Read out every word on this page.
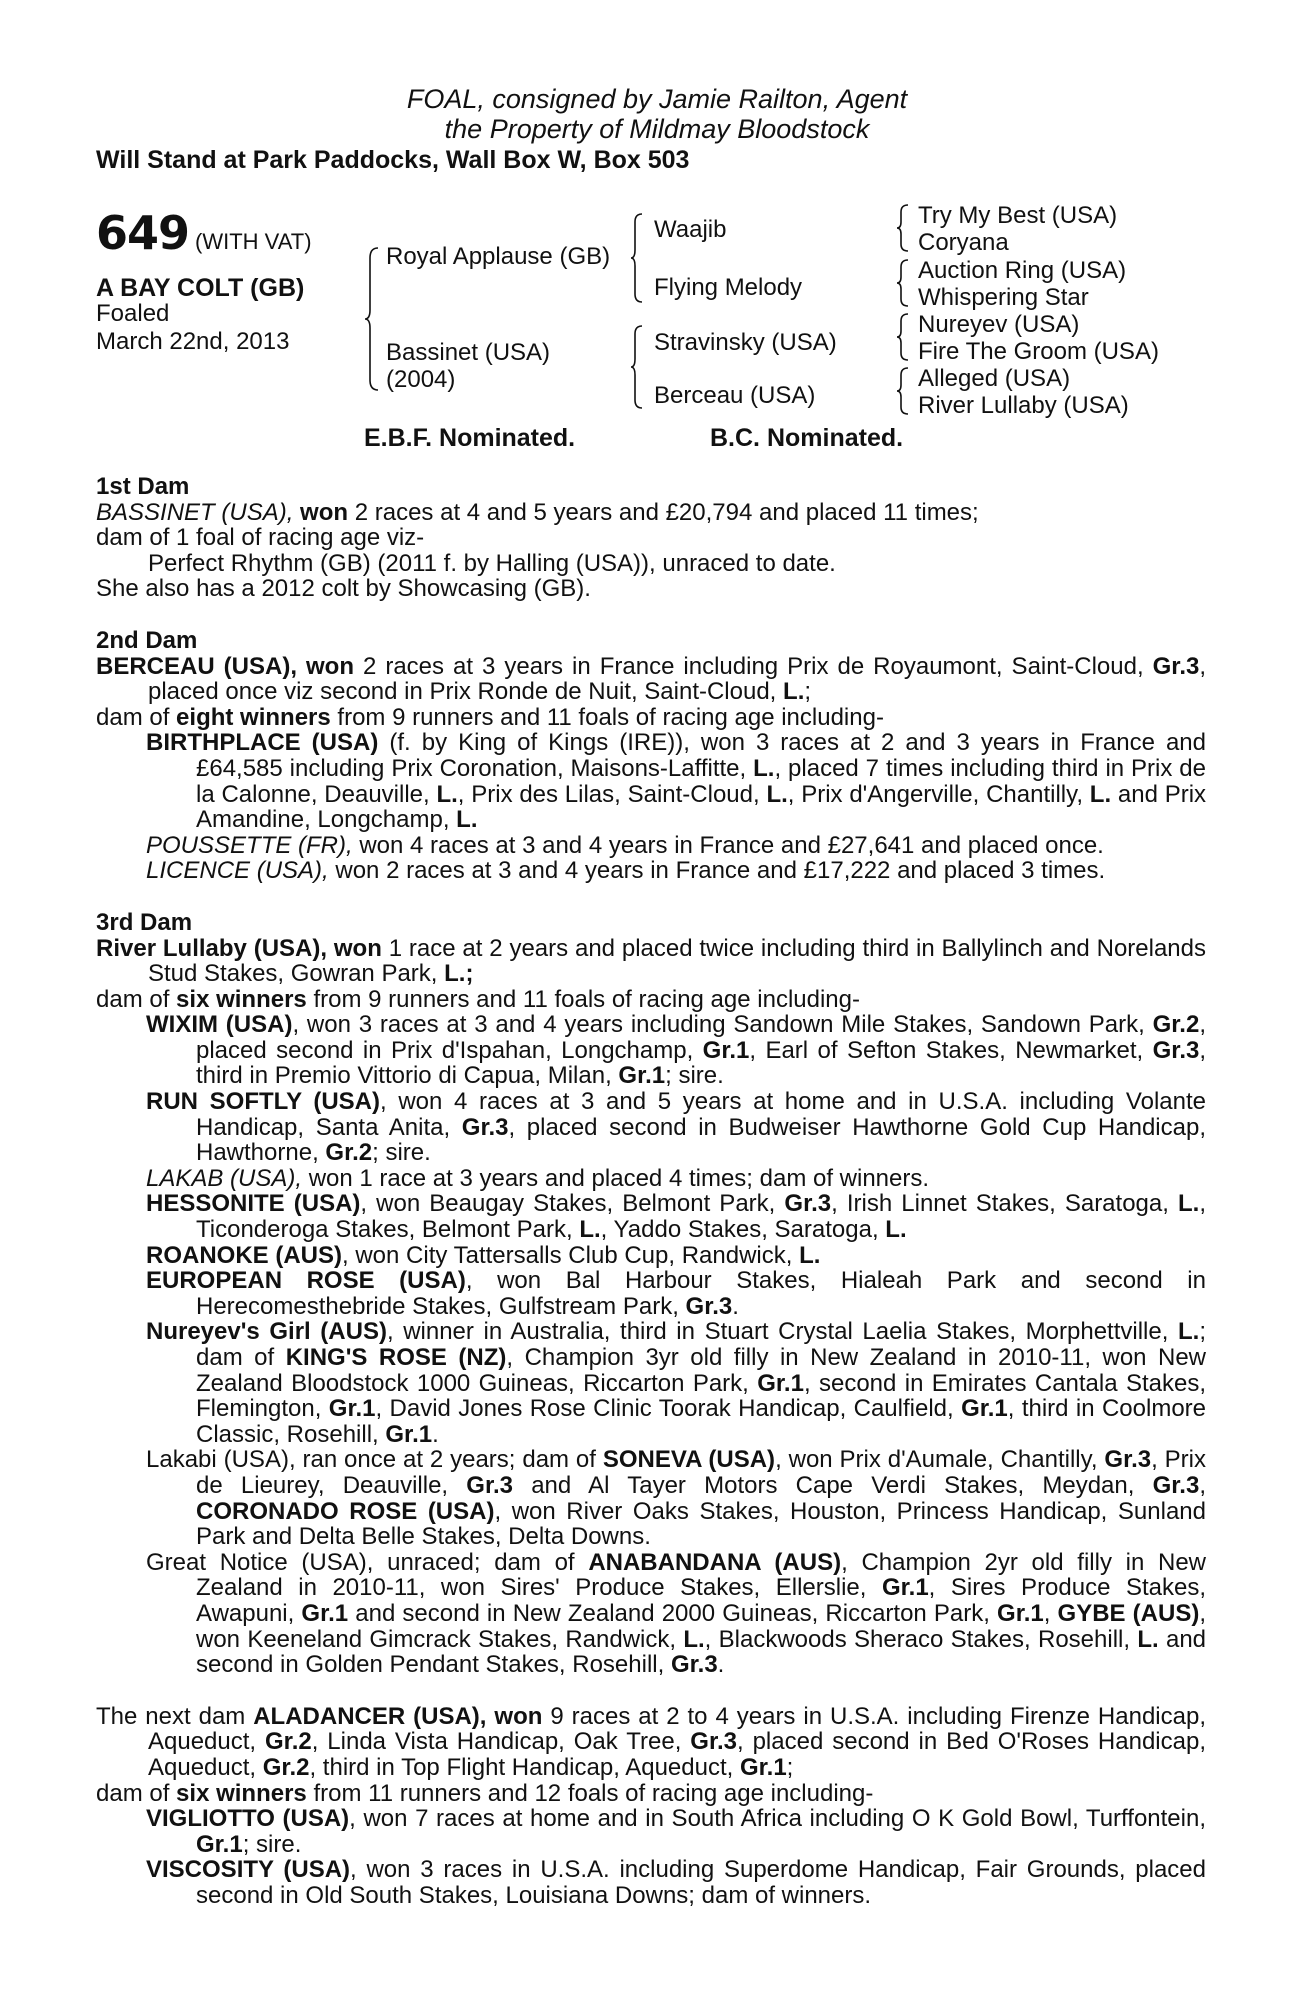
FOAL, consigned by Jamie Railton, Agent
the Property of Mildmay Bloodstock
Will Stand at Park Paddocks, Wall Box W, Box 503
649 (WITH VAT)
A BAY COLT (GB)
Foaled
March 22nd, 2013
Royal Applause (GB)
Bassinet (USA)
(2004)
Waajib
Flying Melody
Stravinsky (USA)
Berceau (USA)
Try My Best (USA)
Coryana
Auction Ring (USA)
Whispering Star
Nureyev (USA)
Fire The Groom (USA)
Alleged (USA)
River Lullaby (USA)
E.B.F. Nominated.	B.C. Nominated.

1st Dam

BASSINET (USA), won 2 races at 4 and 5 years and £20,794 and placed 11 times;

dam of 1 foal of racing age viz-

Perfect Rhythm (GB) (2011 f. by Halling (USA)), unraced to date.

She also has a 2012 colt by Showcasing (GB).

2nd Dam

BERCEAU (USA), won 2 races at 3 years in France including Prix de Royaumont, Saint-Cloud, Gr.3, placed once viz second in Prix Ronde de Nuit, Saint-Cloud, L.;

dam of eight winners from 9 runners and 11 foals of racing age including-

BIRTHPLACE (USA) (f. by King of Kings (IRE)), won 3 races at 2 and 3 years in France and £64,585 including Prix Coronation, Maisons-Laffitte, L., placed 7 times including third in Prix de la Calonne, Deauville, L., Prix des Lilas, Saint-Cloud, L., Prix d'Angerville, Chantilly, L. and Prix Amandine, Longchamp, L.

POUSSETTE (FR), won 4 races at 3 and 4 years in France and £27,641 and placed once.

LICENCE (USA), won 2 races at 3 and 4 years in France and £17,222 and placed 3 times.

3rd Dam

River Lullaby (USA), won 1 race at 2 years and placed twice including third in Ballylinch and Norelands Stud Stakes, Gowran Park, L.;

dam of six winners from 9 runners and 11 foals of racing age including-

WIXIM (USA), won 3 races at 3 and 4 years including Sandown Mile Stakes, Sandown Park, Gr.2, placed second in Prix d'Ispahan, Longchamp, Gr.1, Earl of Sefton Stakes, Newmarket, Gr.3, third in Premio Vittorio di Capua, Milan, Gr.1; sire.

RUN SOFTLY (USA), won 4 races at 3 and 5 years at home and in U.S.A. including Volante Handicap, Santa Anita, Gr.3, placed second in Budweiser Hawthorne Gold Cup Handicap, Hawthorne, Gr.2; sire.

LAKAB (USA), won 1 race at 3 years and placed 4 times; dam of winners.

HESSONITE (USA), won Beaugay Stakes, Belmont Park, Gr.3, Irish Linnet Stakes, Saratoga, L., Ticonderoga Stakes, Belmont Park, L., Yaddo Stakes, Saratoga, L.

ROANOKE (AUS), won City Tattersalls Club Cup, Randwick, L.

EUROPEAN ROSE (USA), won Bal Harbour Stakes, Hialeah Park and second in Herecomesthebride Stakes, Gulfstream Park, Gr.3.

Nureyev's Girl (AUS), winner in Australia, third in Stuart Crystal Laelia Stakes, Morphettville, L.; dam of KING'S ROSE (NZ), Champion 3yr old filly in New Zealand in 2010-11, won New Zealand Bloodstock 1000 Guineas, Riccarton Park, Gr.1, second in Emirates Cantala Stakes, Flemington, Gr.1, David Jones Rose Clinic Toorak Handicap, Caulfield, Gr.1, third in Coolmore Classic, Rosehill, Gr.1.

Lakabi (USA), ran once at 2 years; dam of SONEVA (USA), won Prix d'Aumale, Chantilly, Gr.3, Prix de Lieurey, Deauville, Gr.3 and Al Tayer Motors Cape Verdi Stakes, Meydan, Gr.3, CORONADO ROSE (USA), won River Oaks Stakes, Houston, Princess Handicap, Sunland Park and Delta Belle Stakes, Delta Downs.

Great Notice (USA), unraced; dam of ANABANDANA (AUS), Champion 2yr old filly in New Zealand in 2010-11, won Sires' Produce Stakes, Ellerslie, Gr.1, Sires Produce Stakes, Awapuni, Gr.1 and second in New Zealand 2000 Guineas, Riccarton Park, Gr.1, GYBE (AUS), won Keeneland Gimcrack Stakes, Randwick, L., Blackwoods Sheraco Stakes, Rosehill, L. and second in Golden Pendant Stakes, Rosehill, Gr.3.

The next dam ALADANCER (USA), won 9 races at 2 to 4 years in U.S.A. including Firenze Handicap, Aqueduct, Gr.2, Linda Vista Handicap, Oak Tree, Gr.3, placed second in Bed O'Roses Handicap, Aqueduct, Gr.2, third in Top Flight Handicap, Aqueduct, Gr.1;

dam of six winners from 11 runners and 12 foals of racing age including-

VIGLIOTTO (USA), won 7 races at home and in South Africa including O K Gold Bowl, Turffontein, Gr.1; sire.

VISCOSITY (USA), won 3 races in U.S.A. including Superdome Handicap, Fair Grounds, placed second in Old South Stakes, Louisiana Downs; dam of winners.
